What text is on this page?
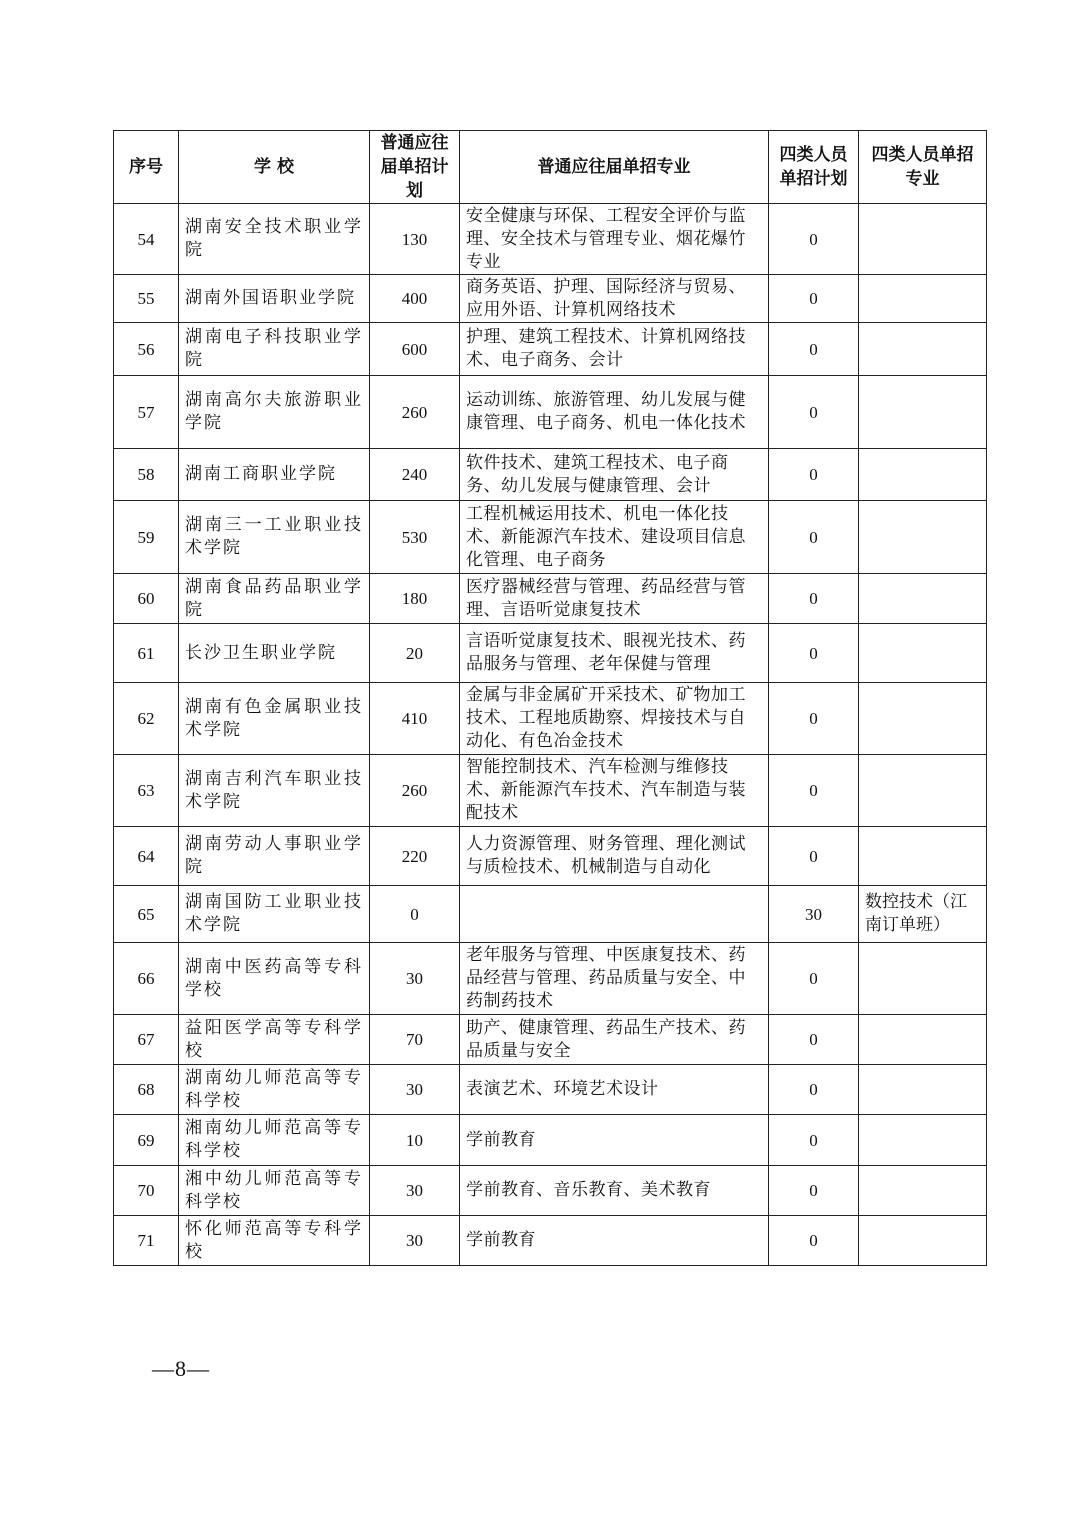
序号	学 校	普通应往届单招计划	普通应往届单招专业	四类人员单招计划	四类人员单招专业
54	湖南安全技术职业学院	130	安全健康与环保、工程安全评价与监理、安全技术与管理专业、烟花爆竹专业	0	
55	湖南外国语职业学院	400	商务英语、护理、国际经济与贸易、应用外语、计算机网络技术	0	
56	湖南电子科技职业学院	600	护理、建筑工程技术、计算机网络技术、电子商务、会计	0	
57	湖南高尔夫旅游职业学院	260	运动训练、旅游管理、幼儿发展与健康管理、电子商务、机电一体化技术	0	
58	湖南工商职业学院	240	软件技术、建筑工程技术、电子商务、幼儿发展与健康管理、会计	0	
59	湖南三一工业职业技术学院	530	工程机械运用技术、机电一体化技术、新能源汽车技术、建设项目信息化管理、电子商务	0	
60	湖南食品药品职业学院	180	医疗器械经营与管理、药品经营与管理、言语听觉康复技术	0	
61	长沙卫生职业学院	20	言语听觉康复技术、眼视光技术、药品服务与管理、老年保健与管理	0	
62	湖南有色金属职业技术学院	410	金属与非金属矿开采技术、矿物加工技术、工程地质勘察、焊接技术与自动化、有色冶金技术	0	
63	湖南吉利汽车职业技术学院	260	智能控制技术、汽车检测与维修技术、新能源汽车技术、汽车制造与装配技术	0	
64	湖南劳动人事职业学院	220	人力资源管理、财务管理、理化测试与质检技术、机械制造与自动化	0	
65	湖南国防工业职业技术学院	0		30	数控技术（江南订单班）
66	湖南中医药高等专科学校	30	老年服务与管理、中医康复技术、药品经营与管理、药品质量与安全、中药制药技术	0	
67	益阳医学高等专科学校	70	助产、健康管理、药品生产技术、药品质量与安全	0	
68	湖南幼儿师范高等专科学校	30	表演艺术、环境艺术设计	0	
69	湘南幼儿师范高等专科学校	10	学前教育	0	
70	湘中幼儿师范高等专科学校	30	学前教育、音乐教育、美术教育	0	
71	怀化师范高等专科学校	30	学前教育	0	
—8—
